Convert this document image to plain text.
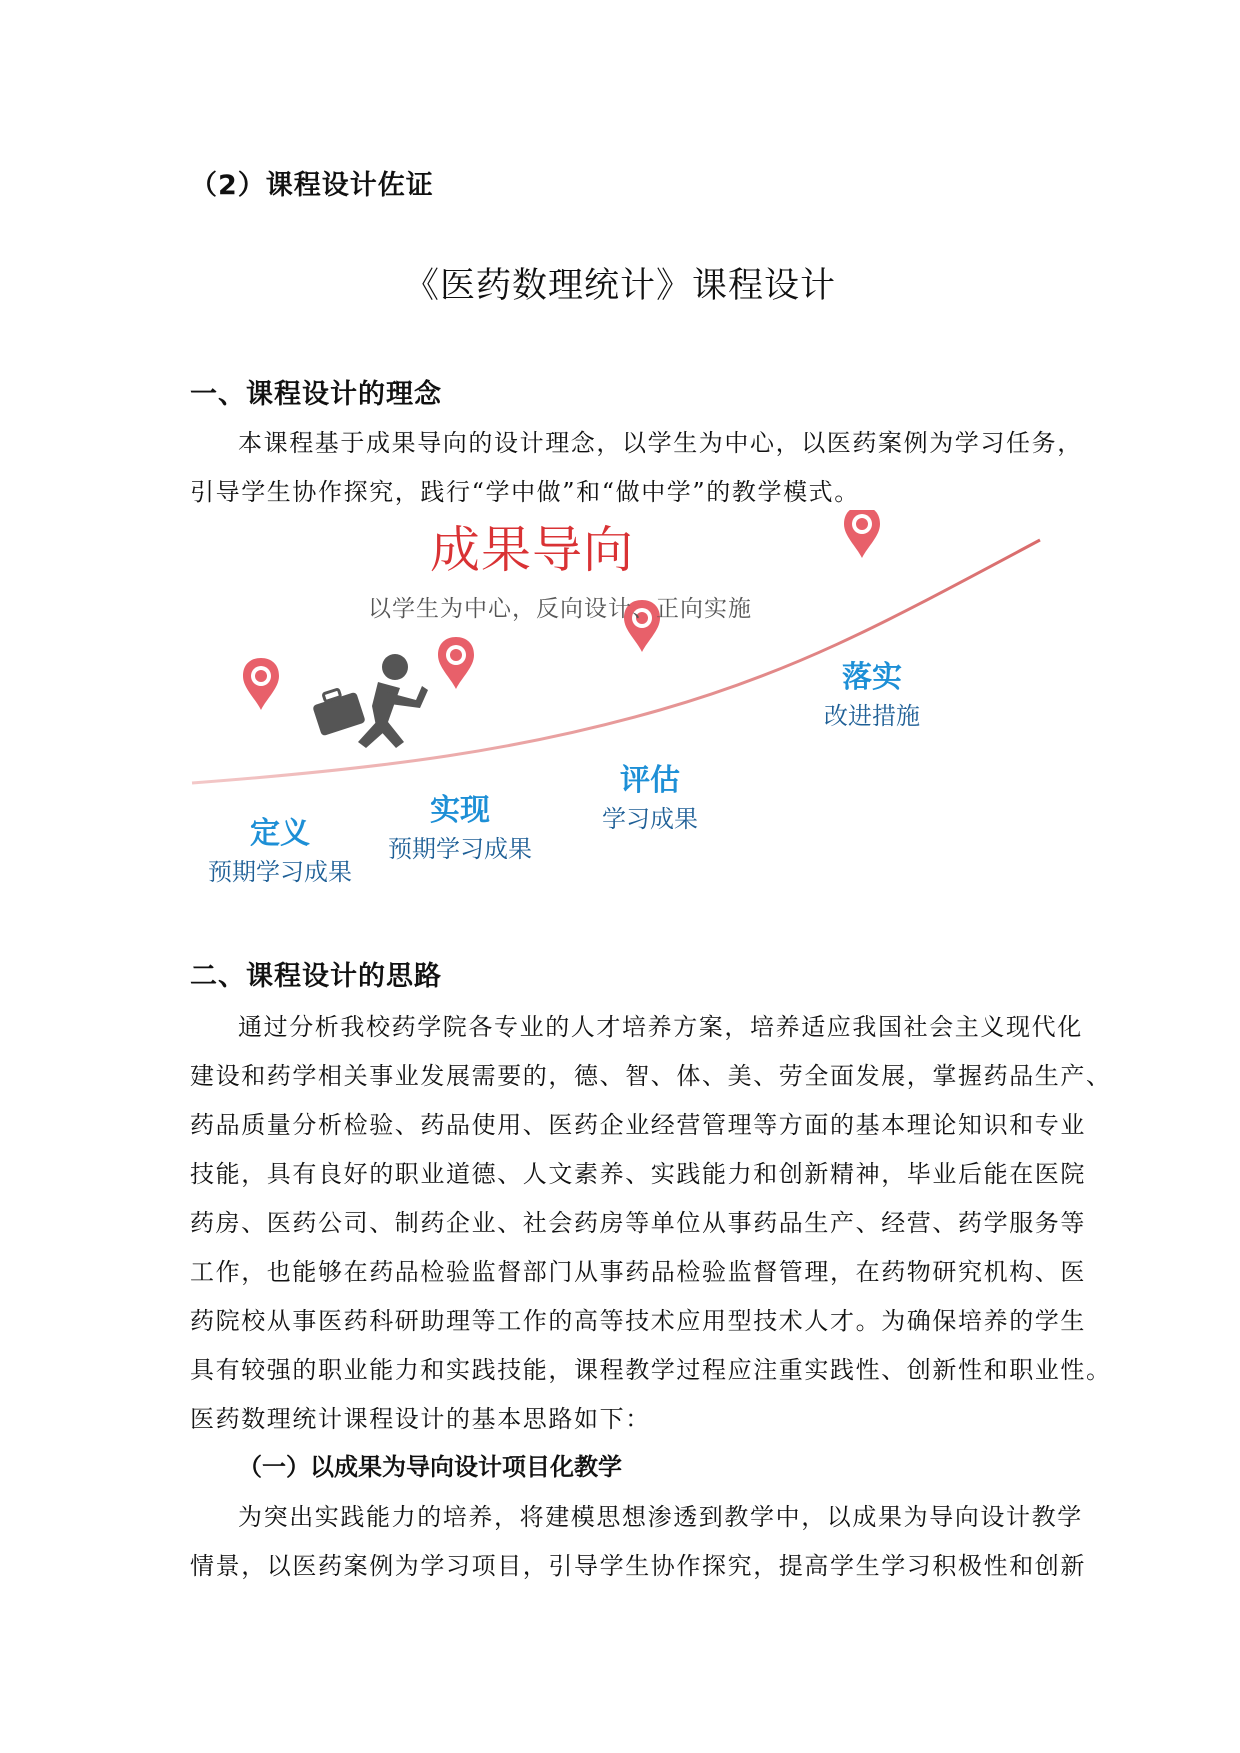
（2）课程设计佐证
《医药数理统计》课程设计
一、课程设计的理念
本课程基于成果导向的设计理念，以学生为中心，以医药案例为学习任务，
引导学生协作探究，践行“学中做”和“做中学”的教学模式。
成果导向
以学生为中心，反向设计、正向实施
定义
预期学习成果
实现
预期学习成果
评估
学习成果
落实
改进措施
二、课程设计的思路
通过分析我校药学院各专业的人才培养方案，培养适应我国社会主义现代化
建设和药学相关事业发展需要的，德、智、体、美、劳全面发展，掌握药品生产、
药品质量分析检验、药品使用、医药企业经营管理等方面的基本理论知识和专业
技能，具有良好的职业道德、人文素养、实践能力和创新精神，毕业后能在医院
药房、医药公司、制药企业、社会药房等单位从事药品生产、经营、药学服务等
工作，也能够在药品检验监督部门从事药品检验监督管理，在药物研究机构、医
药院校从事医药科研助理等工作的高等技术应用型技术人才。为确保培养的学生
具有较强的职业能力和实践技能，课程教学过程应注重实践性、创新性和职业性。
医药数理统计课程设计的基本思路如下：
（一）以成果为导向设计项目化教学
为突出实践能力的培养，将建模思想渗透到教学中，以成果为导向设计教学
情景，以医药案例为学习项目，引导学生协作探究，提高学生学习积极性和创新
